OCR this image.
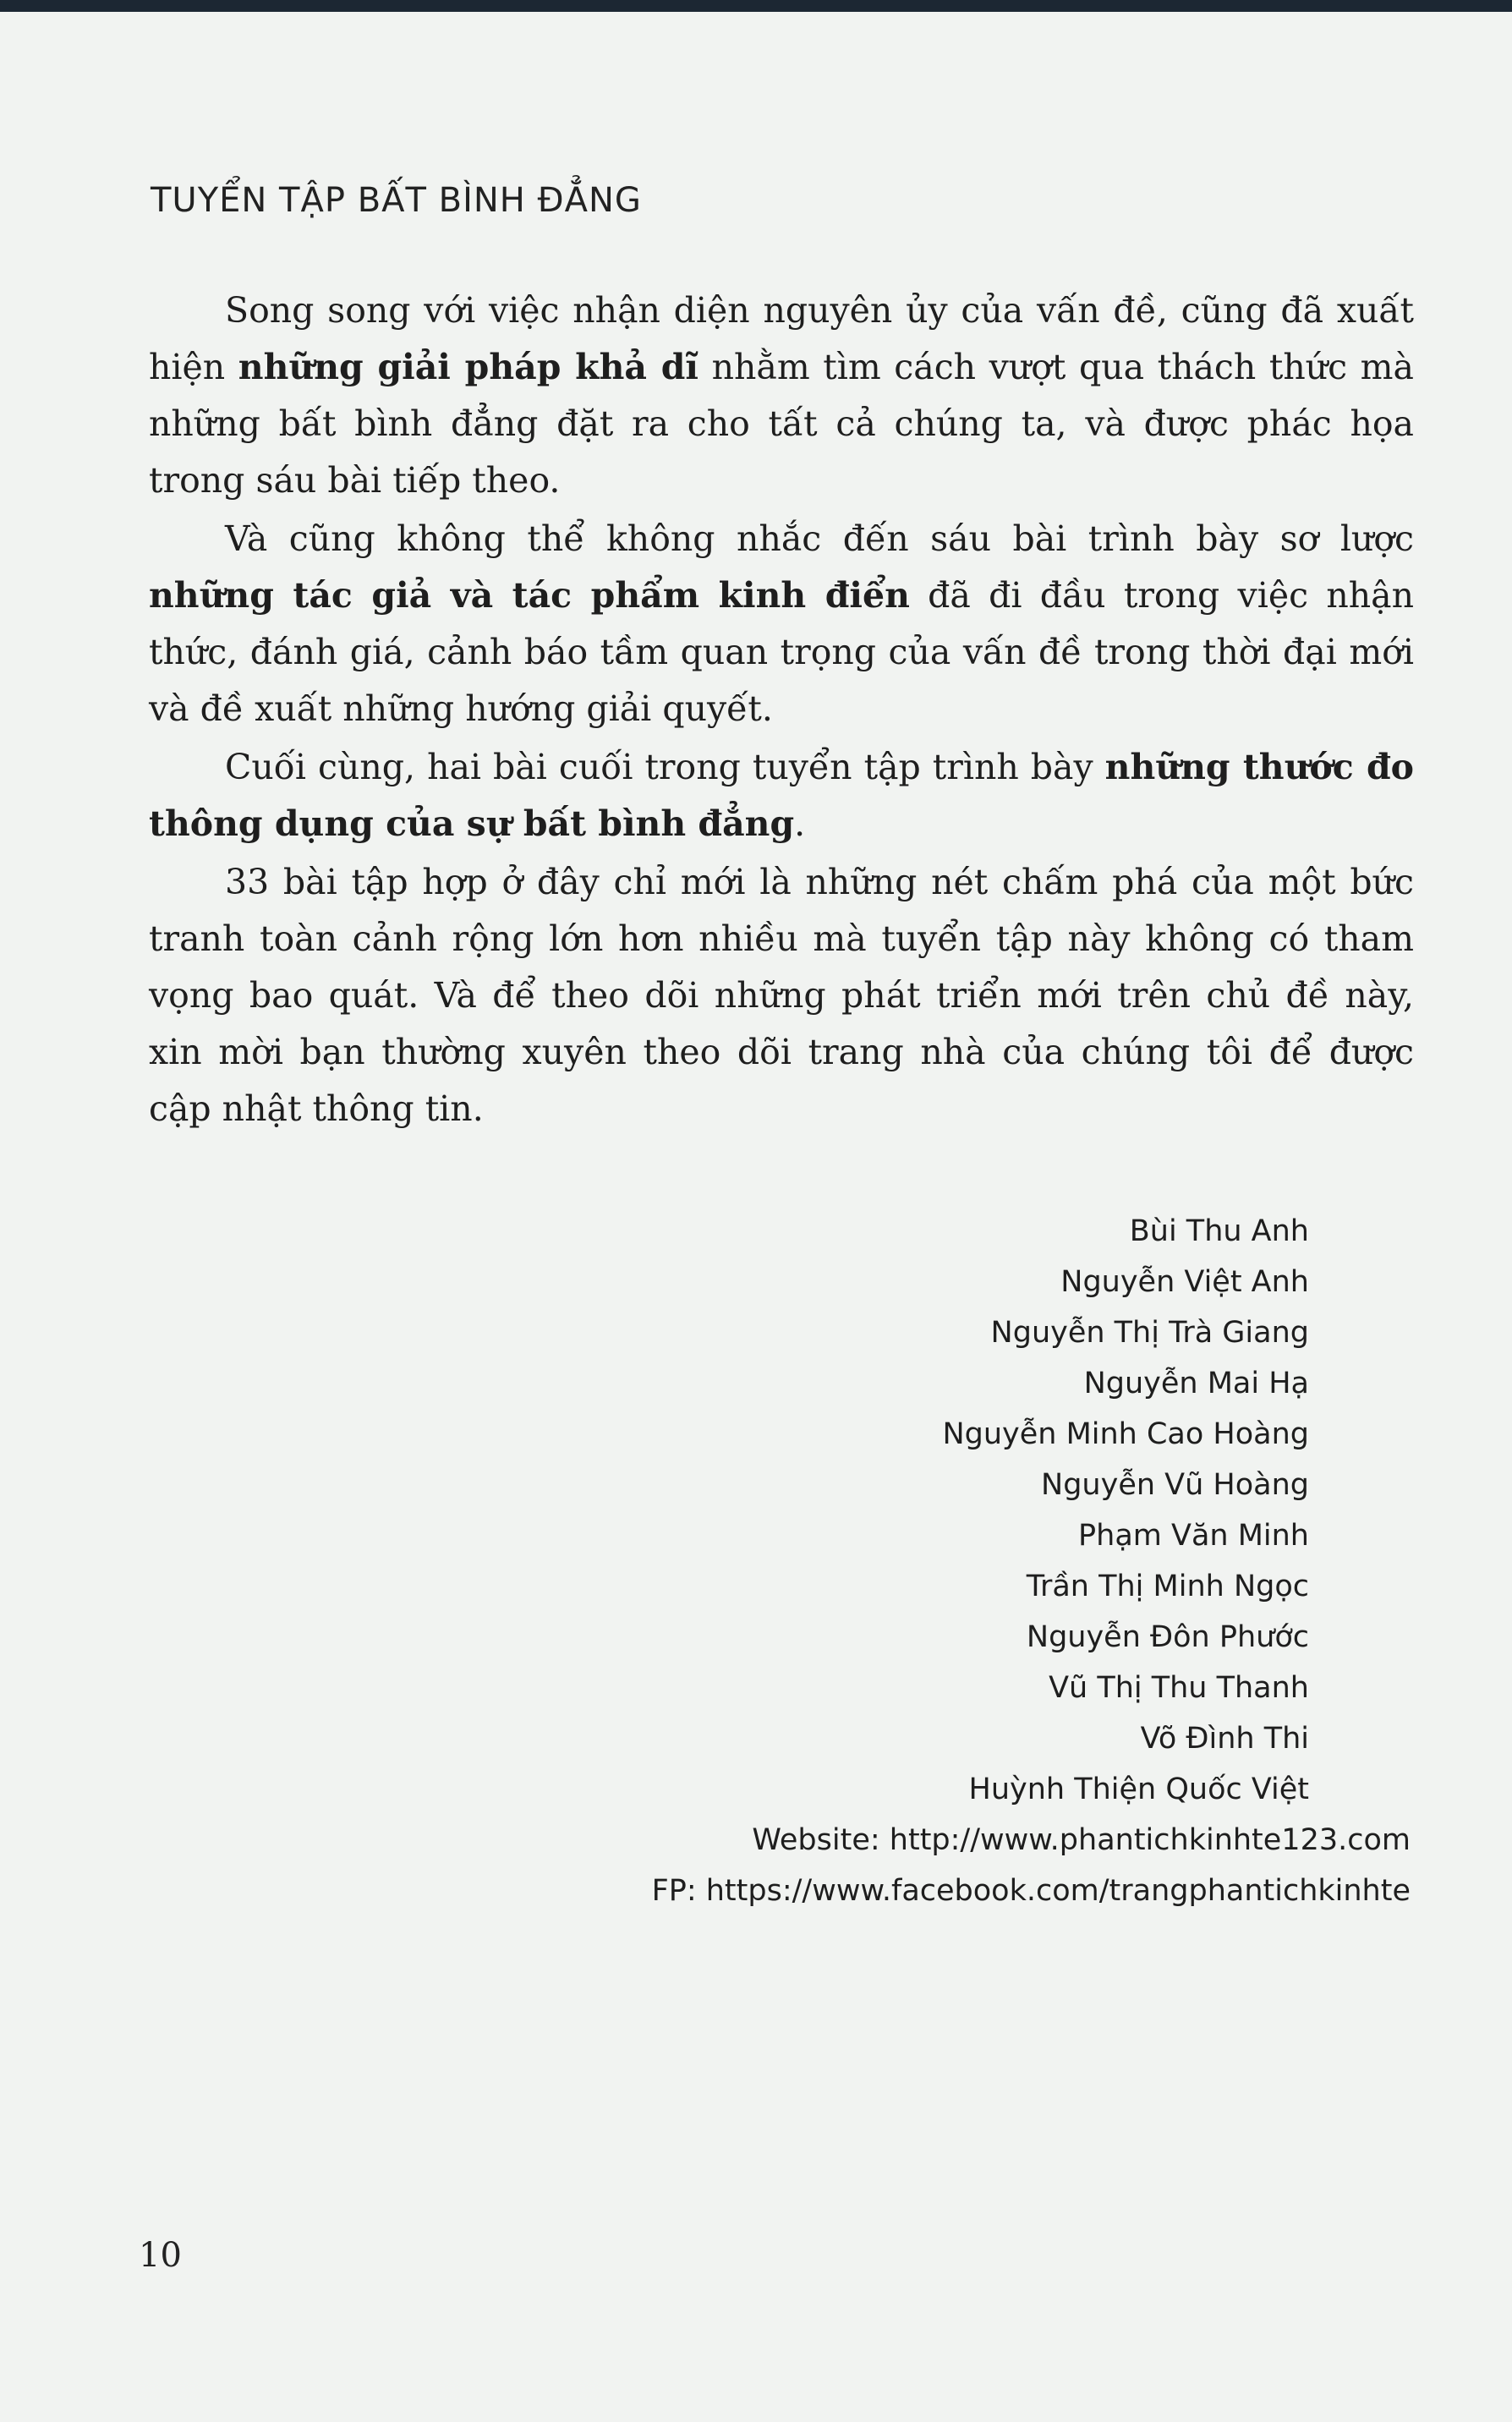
TUYỂN TẬP BẤT BÌNH ĐẲNG

Song song với việc nhận diện nguyên ủy của vấn đề, cũng đã xuất hiện những giải pháp khả dĩ nhằm tìm cách vượt qua thách thức mà những bất bình đẳng đặt ra cho tất cả chúng ta, và được phác họa trong sáu bài tiếp theo.

Và cũng không thể không nhắc đến sáu bài trình bày sơ lược những tác giả và tác phẩm kinh điển đã đi đầu trong việc nhận thức, đánh giá, cảnh báo tầm quan trọng của vấn đề trong thời đại mới và đề xuất những hướng giải quyết.

Cuối cùng, hai bài cuối trong tuyển tập trình bày những thước đo thông dụng của sự bất bình đẳng.

33 bài tập hợp ở đây chỉ mới là những nét chấm phá của một bức tranh toàn cảnh rộng lớn hơn nhiều mà tuyển tập này không có tham vọng bao quát. Và để theo dõi những phát triển mới trên chủ đề này, xin mời bạn thường xuyên theo dõi trang nhà của chúng tôi để được cập nhật thông tin.

Bùi Thu Anh
Nguyễn Việt Anh
Nguyễn Thị Trà Giang
Nguyễn Mai Hạ
Nguyễn Minh Cao Hoàng
Nguyễn Vũ Hoàng
Phạm Văn Minh
Trần Thị Minh Ngọc
Nguyễn Đôn Phước
Vũ Thị Thu Thanh
Võ Đình Thi
Huỳnh Thiện Quốc Việt
Website: http://www.phantichkinhte123.com
FP: https://www.facebook.com/trangphantichkinhte
10
